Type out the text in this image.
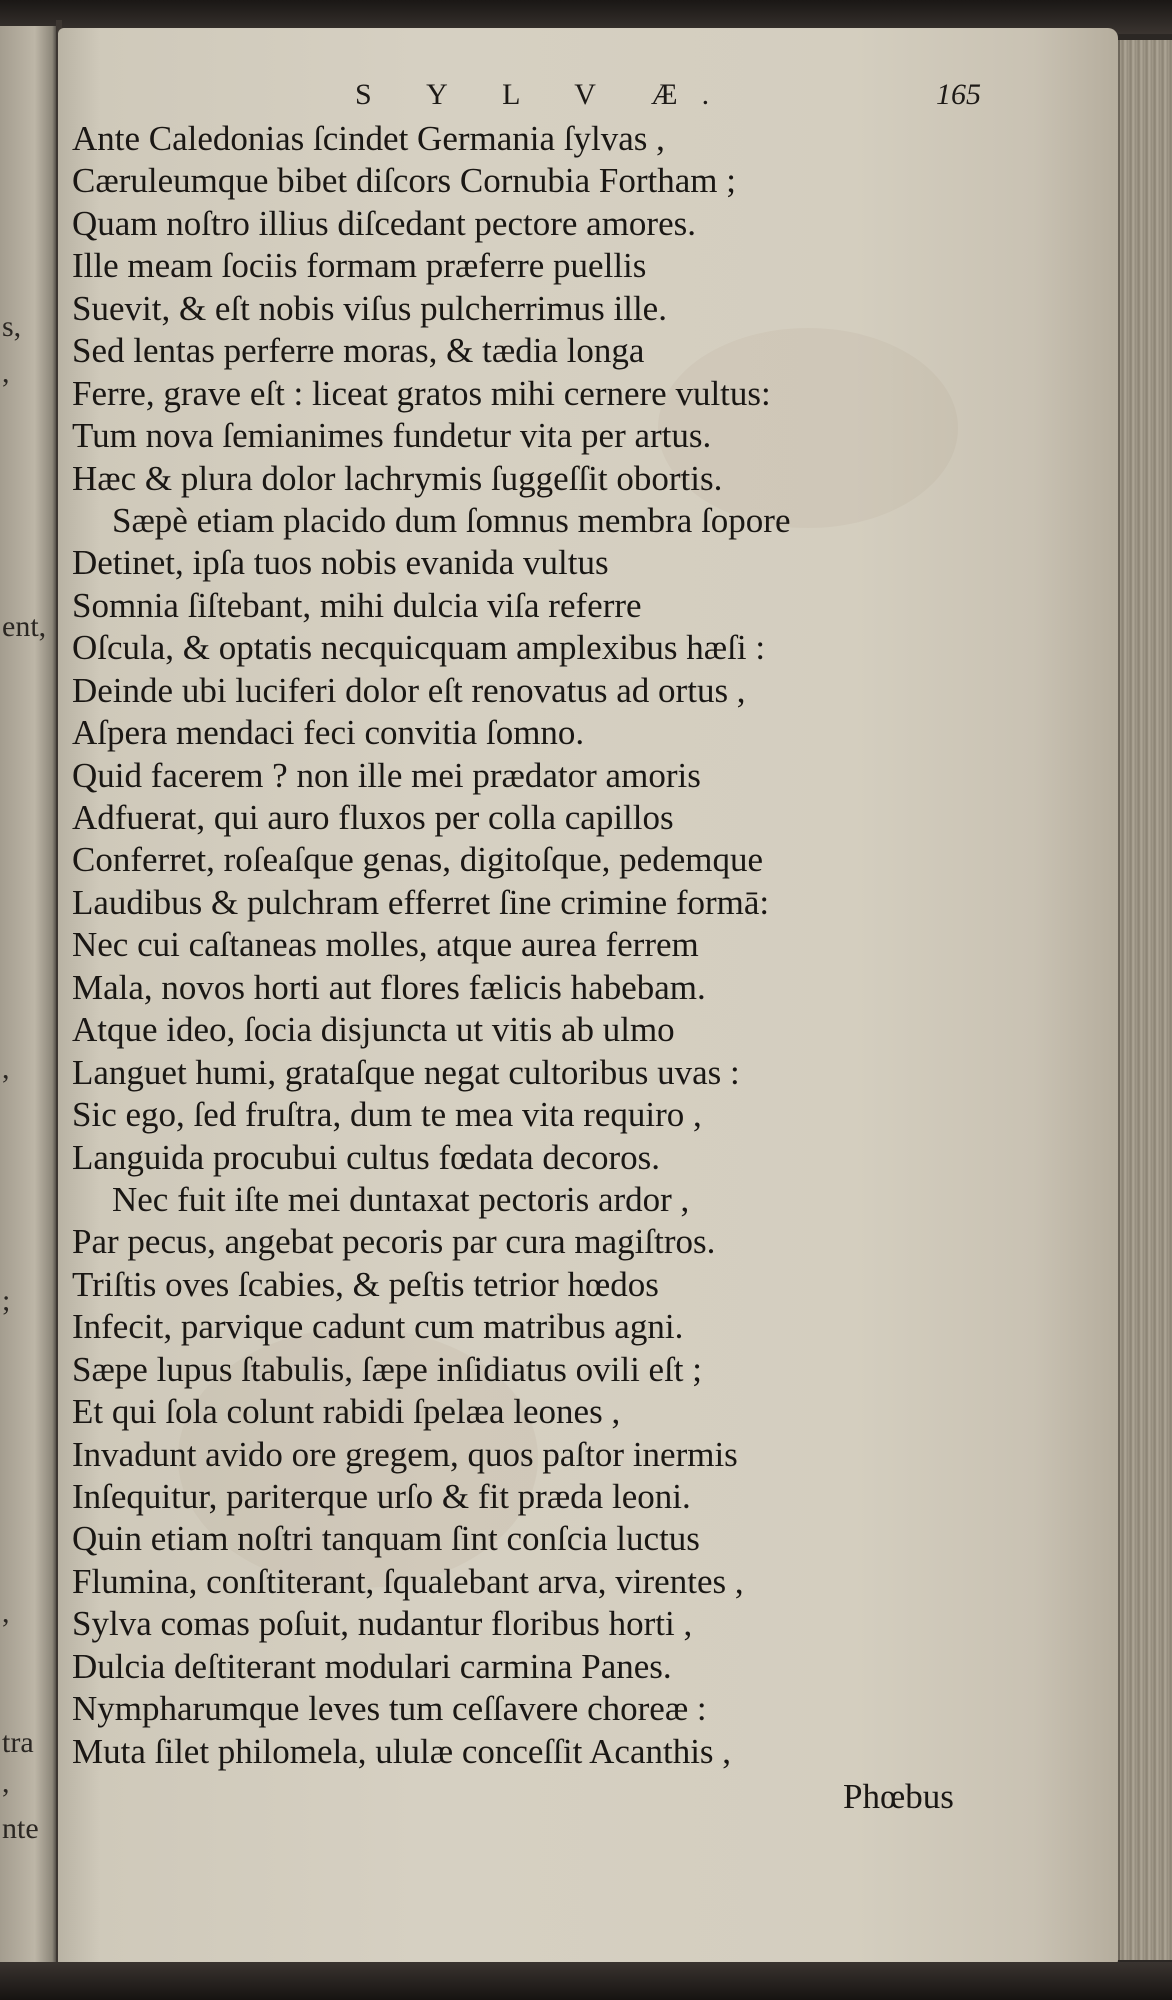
s,
,
ent,
,
;
,
tra
,
nte
S Y L V Æ.	165
Ante Caledonias ſcindet Germania ſylvas ,
Cæruleumque bibet diſcors Cornubia Fortham ;
Quam noſtro illius diſcedant pectore amores.
Ille meam ſociis formam præferre puellis
Suevit, & eſt nobis viſus pulcherrimus ille.
Sed lentas perferre moras, & tædia longa
Ferre, grave eſt : liceat gratos mihi cernere vultus:
Tum nova ſemianimes fundetur vita per artus.
Hæc & plura dolor lachrymis ſuggeſſit obortis.
Sæpè etiam placido dum ſomnus membra ſopore
Detinet, ipſa tuos nobis evanida vultus
Somnia ſiſtebant, mihi dulcia viſa referre
Oſcula, & optatis necquicquam amplexibus hæſi :
Deinde ubi luciferi dolor eſt renovatus ad ortus ,
Aſpera mendaci feci convitia ſomno.
Quid facerem ? non ille mei prædator amoris
Adfuerat, qui auro fluxos per colla capillos
Conferret, roſeaſque genas, digitoſque, pedemque
Laudibus & pulchram efferret ſine crimine formā:
Nec cui caſtaneas molles, atque aurea ferrem
Mala, novos horti aut flores fælicis habebam.
Atque ideo, ſocia disjuncta ut vitis ab ulmo
Languet humi, grataſque negat cultoribus uvas :
Sic ego, ſed fruſtra, dum te mea vita requiro ,
Languida procubui cultus fœdata decoros.
Nec fuit iſte mei duntaxat pectoris ardor ,
Par pecus, angebat pecoris par cura magiſtros.
Triſtis oves ſcabies, & peſtis tetrior hœdos
Infecit, parvique cadunt cum matribus agni.
Sæpe lupus ſtabulis, ſæpe inſidiatus ovili eſt ;
Et qui ſola colunt rabidi ſpelæa leones ,
Invadunt avido ore gregem, quos paſtor inermis
Inſequitur, pariterque urſo & fit præda leoni.
Quin etiam noſtri tanquam ſint conſcia luctus
Flumina, conſtiterant, ſqualebant arva, virentes ,
Sylva comas poſuit, nudantur floribus horti ,
Dulcia deſtiterant modulari carmina Panes.
Nympharumque leves tum ceſſavere choreæ :
Muta ſilet philomela, ululæ conceſſit Acanthis ,
Phœbus
